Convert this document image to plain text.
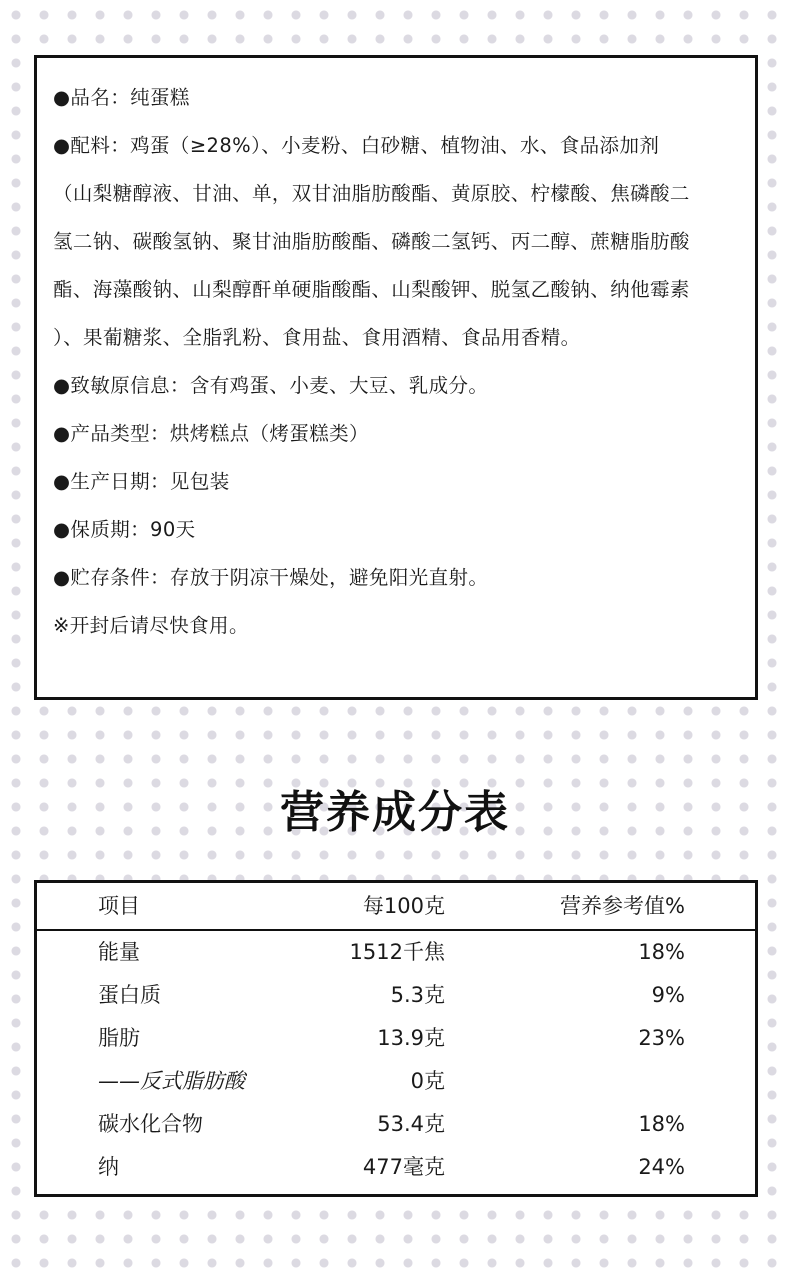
●品名：纯蛋糕
●配料：鸡蛋（≥28%）、小麦粉、白砂糖、植物油、水、食品添加剂
（山梨糖醇液、甘油、单，双甘油脂肪酸酯、黄原胶、柠檬酸、焦磷酸二
氢二钠、碳酸氢钠、聚甘油脂肪酸酯、磷酸二氢钙、丙二醇、蔗糖脂肪酸
酯、海藻酸钠、山梨醇酐单硬脂酸酯、山梨酸钾、脱氢乙酸钠、纳他霉素
）、果葡糖浆、全脂乳粉、食用盐、食用酒精、食品用香精。
●致敏原信息：含有鸡蛋、小麦、大豆、乳成分。
●产品类型：烘烤糕点（烤蛋糕类）
●生产日期：见包装
●保质期：90天
●贮存条件：存放于阴凉干燥处，避免阳光直射。
※开封后请尽快食用。
营养成分表
项目	每100克	营养参考值%
能量	1512千焦	18%
蛋白质	5.3克	9%
脂肪	13.9克	23%
——反式脂肪酸	0克
碳水化合物	53.4克	18%
纳	477毫克	24%
